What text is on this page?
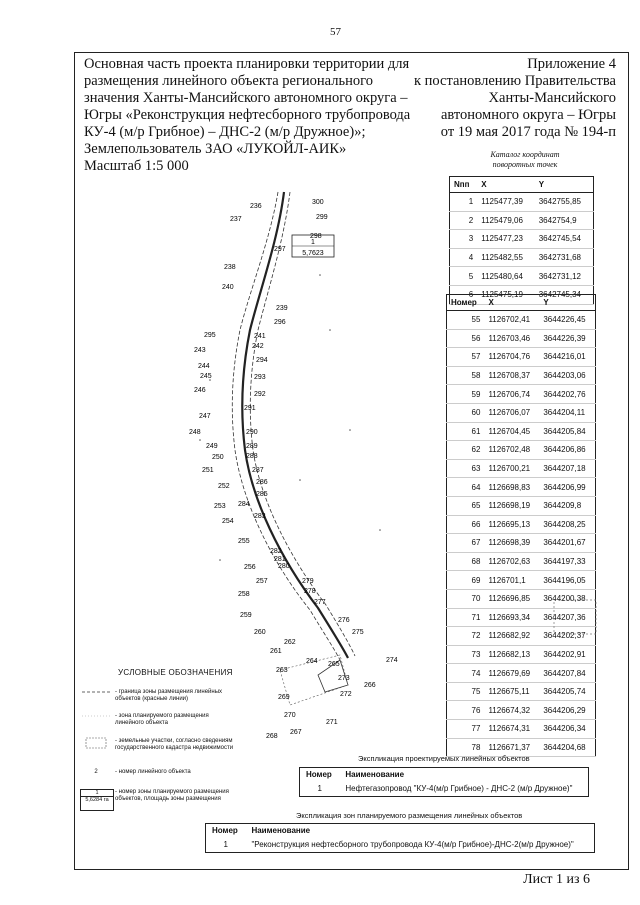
57
Основная часть проекта планировки территории для размещения линейного объекта регионального значения Ханты-Мансийского автономного округа – Югры «Реконструкция нефтесборного трубопровода КУ-4 (м/р Грибное) – ДНС-2 (м/р Дружное)»;
Землепользователь ЗАО «ЛУКОЙЛ-АИК»
Масштаб 1:5 000
Приложение 4
к постановлению Правительства
Ханты-Мансийского
автономного округа – Югры
от 19 мая 2017 года № 194-п
Каталог координат поворотных точек
Nпп	X	Y
1	1125477,39	3642755,85
2	1125479,06	3642754,9
3	1125477,23	3642745,54
4	1125482,55	3642731,68
5	1125480,64	3642731,12
6	1125475,19	3642745,34
Номер	X	Y
55	1126702,41	3644226,45
56	1126703,46	3644226,39
57	1126704,76	3644216,01
58	1126708,37	3644203,06
59	1126706,74	3644202,76
60	1126706,07	3644204,11
61	1126704,45	3644205,84
62	1126702,48	3644206,86
63	1126700,21	3644207,18
64	1126698,83	3644206,99
65	1126698,19	3644209,8
66	1126695,13	3644208,25
67	1126698,39	3644201,67
68	1126702,63	3644197,33
69	1126701,1	3644196,05
70	1126696,85	3644200,38
71	1126693,34	3644207,36
72	1126682,92	3644202,37
73	1126682,13	3644202,91
74	1126679,69	3644207,84
75	1126675,11	3644205,74
76	1126674,32	3644206,29
77	1126674,31	3644206,34
78	1126671,37	3644204,68
1
5,7623
236
300
237	299
298
297
238
240
239
296
295	241
242
243
294
244
293
245
246
292
291
247
248	290
249	289
250	288
251	287
286
252
285
284
253
283
254
255
282
256
281
280
257	279
278
258
277
259
276
260	275
261
262
274
263
264 265
273
269
266
272
270
268
267
271
УСЛОВНЫЕ ОБОЗНАЧЕНИЯ
- граница зоны размещения линейных объектов (красные линии)
- зона планируемого размещения линейного объекта
- земельные участки, согласно сведениям государственного кадастра недвижимости
2	- номер линейного объекта
1
5,6284 га
- номер зоны планируемого размещения объектов, площадь зоны размещения
Экспликация проектируемых линейных объектов
Номер	Наименование
1	Нефтегазопровод "КУ-4(м/р Грибное) - ДНС-2 (м/р Дружное)"
Экспликация зон планируемого размещения линейных объектов
Номер	Наименование
1	"Реконструкция нефтесборного трубопровода КУ-4(м/р Грибное)-ДНС-2(м/р Дружное)"
Лист 1 из 6
